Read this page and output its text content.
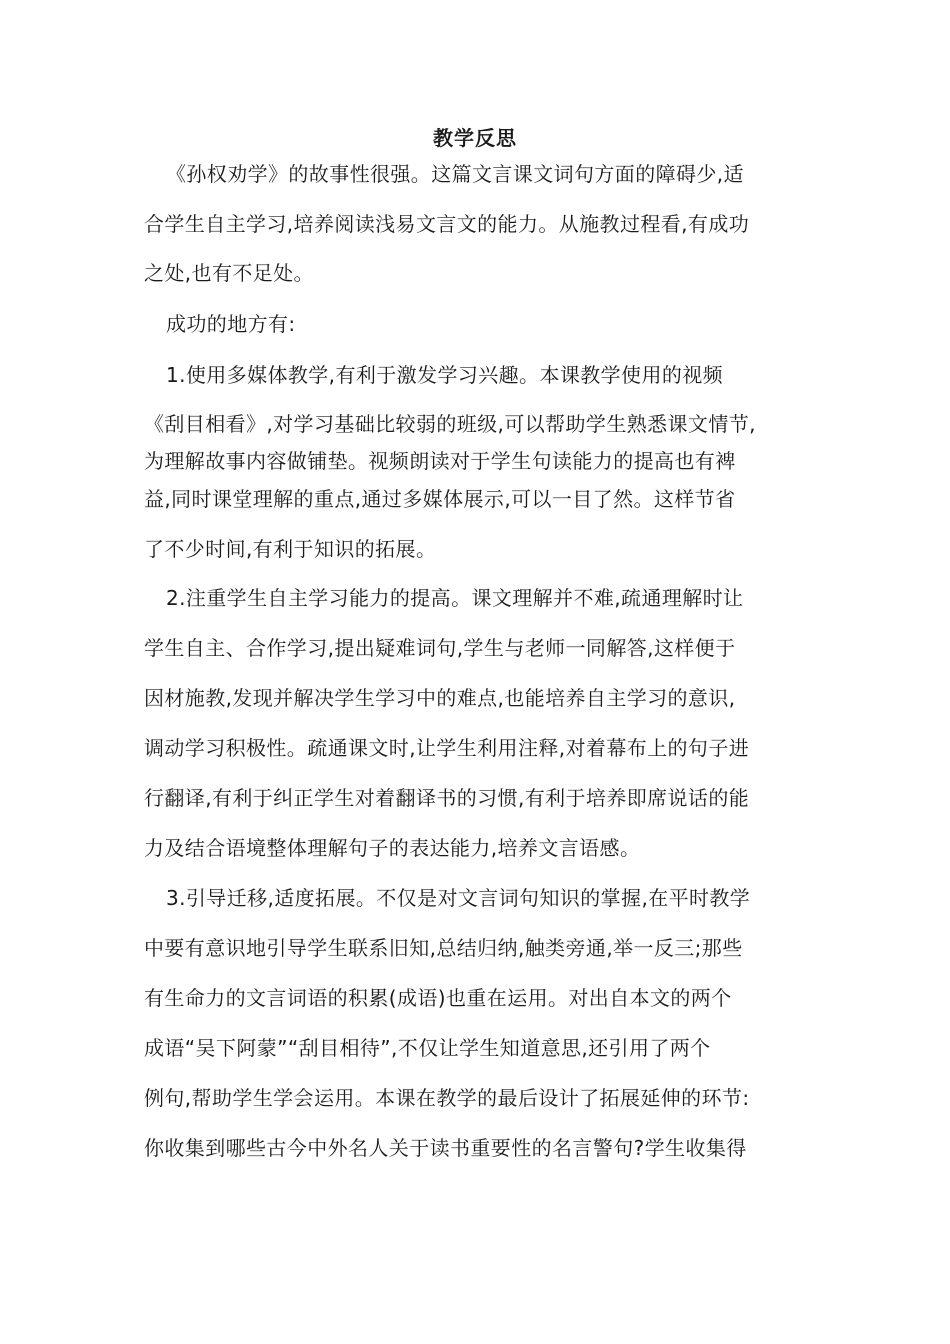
教学反思
《孙权劝学》的故事性很强。这篇文言课文词句方面的障碍少,适
合学生自主学习,培养阅读浅易文言文的能力。从施教过程看,有成功
之处,也有不足处。
成功的地方有:
1.使用多媒体教学,有利于激发学习兴趣。本课教学使用的视频
《刮目相看》,对学习基础比较弱的班级,可以帮助学生熟悉课文情节,
为理解故事内容做铺垫。视频朗读对于学生句读能力的提高也有裨
益,同时课堂理解的重点,通过多媒体展示,可以一目了然。这样节省
了不少时间,有利于知识的拓展。
2.注重学生自主学习能力的提高。课文理解并不难,疏通理解时让
学生自主、合作学习,提出疑难词句,学生与老师一同解答,这样便于
因材施教,发现并解决学生学习中的难点,也能培养自主学习的意识,
调动学习积极性。疏通课文时,让学生利用注释,对着幕布上的句子进
行翻译,有利于纠正学生对着翻译书的习惯,有利于培养即席说话的能
力及结合语境整体理解句子的表达能力,培养文言语感。
3.引导迁移,适度拓展。不仅是对文言词句知识的掌握,在平时教学
中要有意识地引导学生联系旧知,总结归纳,触类旁通,举一反三;那些
有生命力的文言词语的积累(成语)也重在运用。对出自本文的两个
成语“吴下阿蒙”“刮目相待”,不仅让学生知道意思,还引用了两个
例句,帮助学生学会运用。本课在教学的最后设计了拓展延伸的环节:
你收集到哪些古今中外名人关于读书重要性的名言警句?学生收集得
